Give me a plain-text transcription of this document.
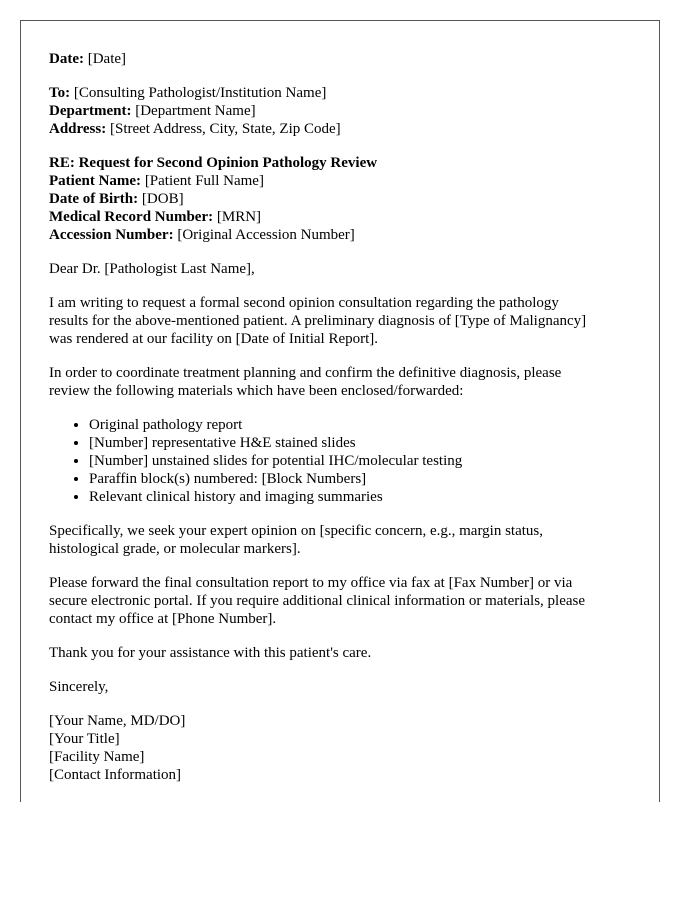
Date: [Date]
To: [Consulting Pathologist/Institution Name]
Department: [Department Name]
Address: [Street Address, City, State, Zip Code]
RE: Request for Second Opinion Pathology Review
Patient Name: [Patient Full Name]
Date of Birth: [DOB]
Medical Record Number: [MRN]
Accession Number: [Original Accession Number]

Dear Dr. [Pathologist Last Name],

I am writing to request a formal second opinion consultation regarding the pathology
results for the above-mentioned patient. A preliminary diagnosis of [Type of Malignancy]
was rendered at our facility on [Date of Initial Report].

In order to coordinate treatment planning and confirm the definitive diagnosis, please
review the following materials which have been enclosed/forwarded:

• Original pathology report
• [Number] representative H&E stained slides
• [Number] unstained slides for potential IHC/molecular testing
• Paraffin block(s) numbered: [Block Numbers]
• Relevant clinical history and imaging summaries

Specifically, we seek your expert opinion on [specific concern, e.g., margin status,
histological grade, or molecular markers].

Please forward the final consultation report to my office via fax at [Fax Number] or via
secure electronic portal. If you require additional clinical information or materials, please
contact my office at [Phone Number].

Thank you for your assistance with this patient's care.

Sincerely,

[Your Name, MD/DO]
[Your Title]
[Facility Name]
[Contact Information]
